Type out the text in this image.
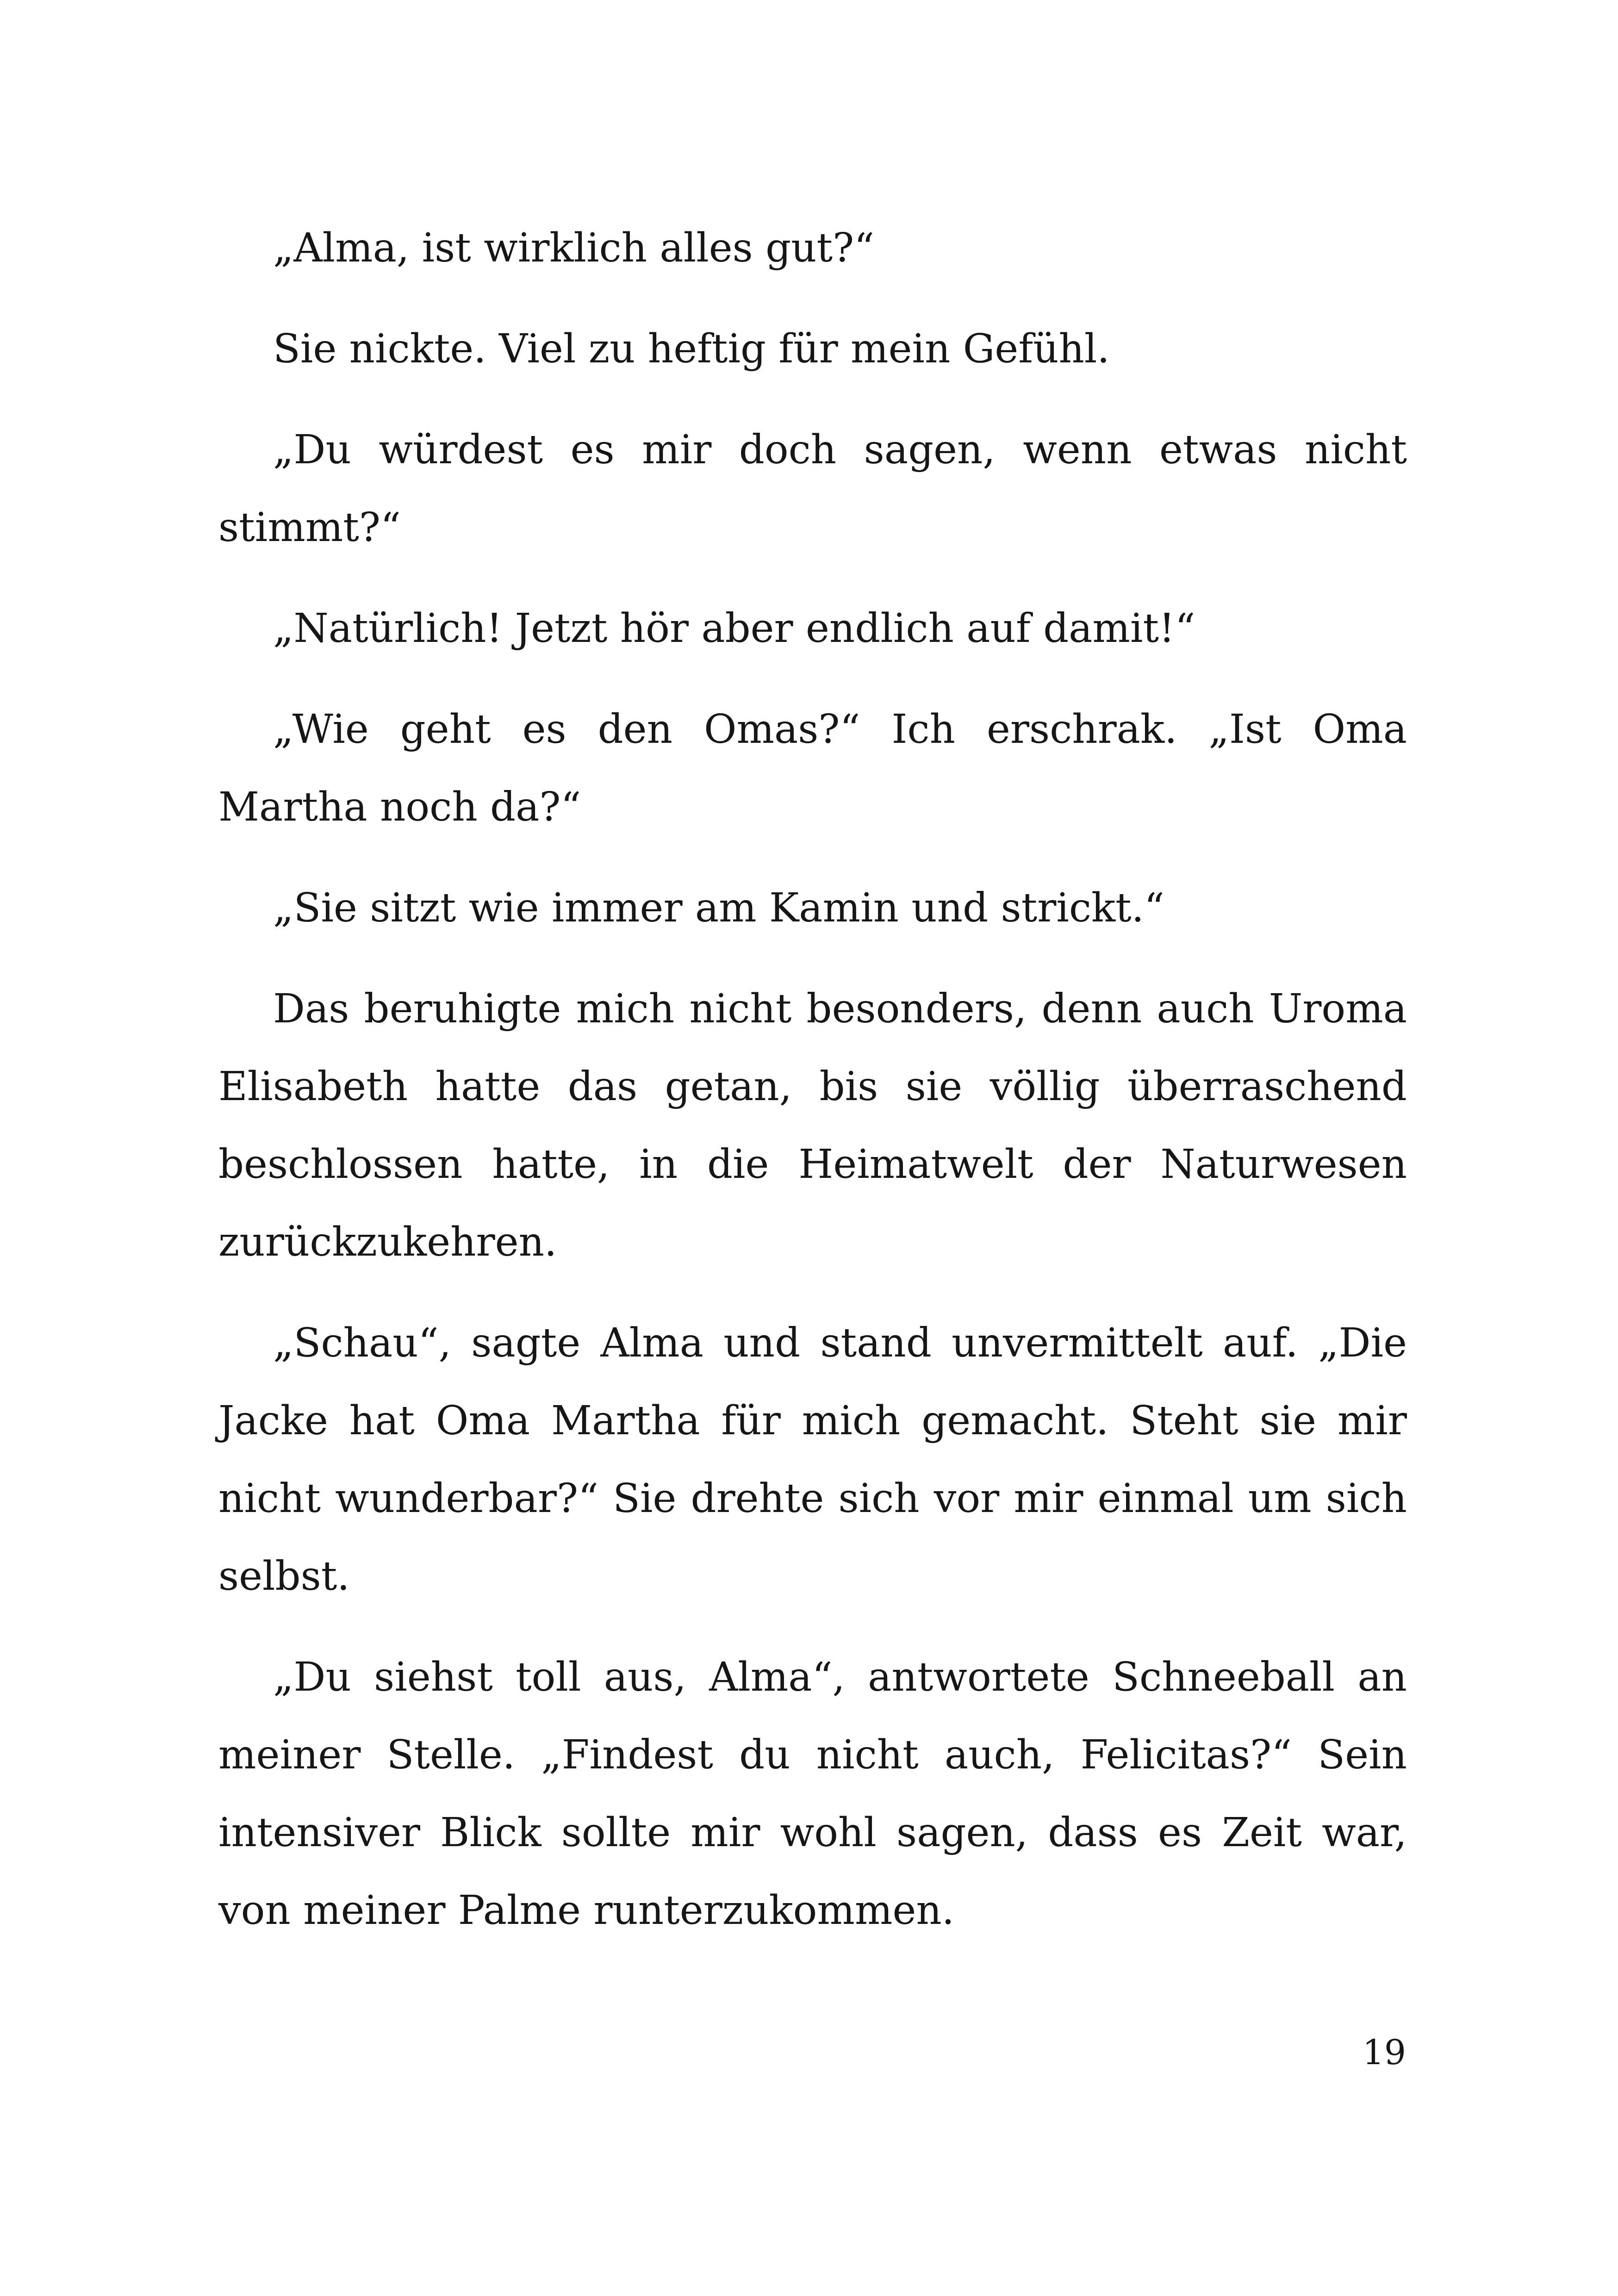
„Alma, ist wirklich alles gut?“

Sie nickte. Viel zu heftig für mein Gefühl.

„Du würdest es mir doch sagen, wenn etwas nicht stimmt?“

„Natürlich! Jetzt hör aber endlich auf damit!“

„Wie geht es den Omas?“ Ich erschrak. „Ist Oma Martha noch da?“

„Sie sitzt wie immer am Kamin und strickt.“

Das beruhigte mich nicht besonders, denn auch Uroma Elisabeth hatte das getan, bis sie völlig überraschend beschlossen hatte, in die Heimatwelt der Naturwesen zurückzukehren.

„Schau“, sagte Alma und stand unvermittelt auf. „Die Jacke hat Oma Martha für mich gemacht. Steht sie mir nicht wunderbar?“ Sie drehte sich vor mir einmal um sich selbst.

„Du siehst toll aus, Alma“, antwortete Schneeball an meiner Stelle. „Findest du nicht auch, Felicitas?“ Sein intensiver Blick sollte mir wohl sagen, dass es Zeit war, von meiner Palme runterzukommen.

19
